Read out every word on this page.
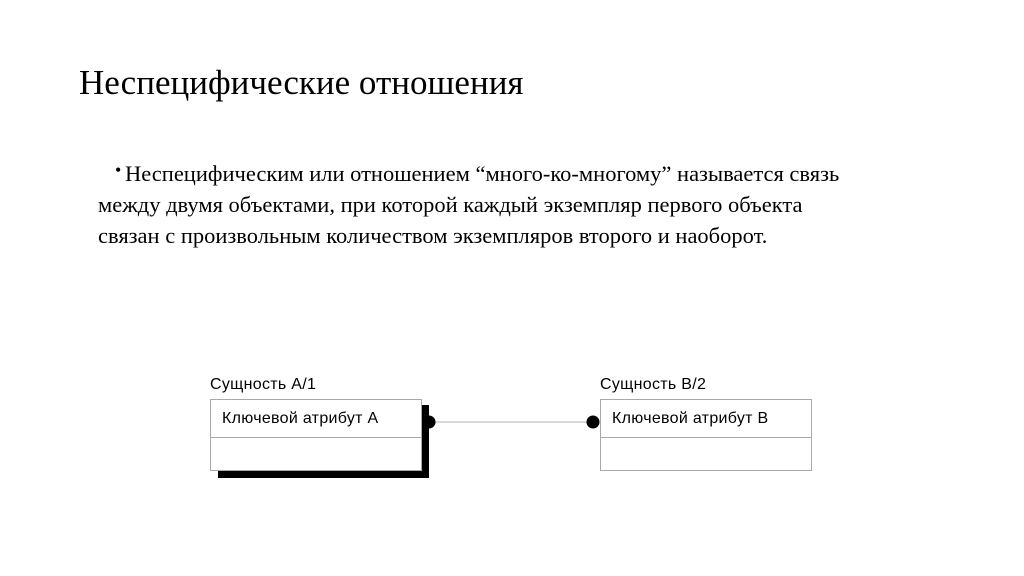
Неспецифические отношения
• Неспецифическим или отношением “много-ко-многому” называется связь
между двумя объектами, при которой каждый экземпляр первого объекта
связан с произвольным количеством экземпляров второго и наоборот.
Сущность A/1
Ключевой атрибут A
Сущность B/2
Ключевой атрибут B
